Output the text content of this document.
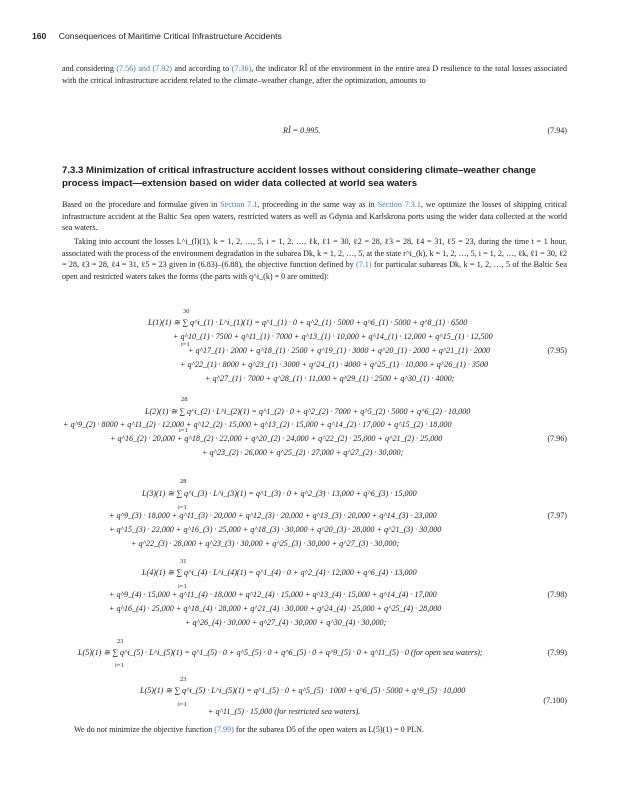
160 Consequences of Maritime Critical Infrastructure Accidents

and considering (7.56) and (7.92) and according to (7.36), the indicator RÎ of the environment in the entire area D resilience to the total losses associated with the critical infrastructure accident related to the climate–weather change, after the optimization, amounts to

RÎ = 0.995.	(7.94)

7.3.3 Minimization of critical infrastructure accident losses without considering climate–weather change process impact—extension based on wider data collected at world sea waters

Based on the procedure and formulae given in Section 7.1, proceeding in the same way as in Section 7.3.1, we optimize the losses of shipping critical infrastructure accident at the Baltic Sea open waters, restricted waters as well as Gdynia and Karlskrona ports using the wider data collected at the world sea waters.

Taking into account the losses L^i_(l)(1), k = 1, 2, …, 5, i = 1, 2, …, ℓk, ℓ1 = 30, ℓ2 = 28, ℓ3 = 28, ℓ4 = 31, ℓ5 = 23, during the time t = 1 hour, associated with the process of the environment degradation in the subarea Dk, k = 1, 2, …, 5, at the state r^i_(k), k = 1, 2, …, 5, i = 1, 2, …, ℓk, ℓ1 = 30, ℓ2 = 28, ℓ3 = 28, ℓ4 = 31, ℓ5 = 23 given in (6.83)–(6.88), the objective function defined by (7.1) for particular subareas Dk, k = 1, 2, …, 5 of the Baltic Sea open and restricted waters takes the forms (the parts with q^i_(k) = 0 are omitted):

30
i=1
L(1)(1) ≅ ∑ q^i_(1) · L^i_(1)(1) = q^1_(1) · 0 + q^2_(1) · 5000 + q^6_(1) · 5000 + q^8_(1) · 6500
+ q^10_(1) · 7500 + q^11_(1) · 7000 + q^13_(1) · 10,000 + q^14_(1) · 12,000 + q^15_(1) · 12,500
+ q^17_(1) · 2000 + q^18_(1) · 2500 + q^19_(1) · 3000 + q^20_(1) · 2000 + q^21_(1) · 2000
+ q^22_(1) · 8000 + q^23_(1) · 3000 + q^24_(1) · 4000 + q^25_(1) · 10,000 + q^26_(1) · 3500
+ q^27_(1) · 7000 + q^28_(1) · 11,000 + q^29_(1) · 2500 + q^30_(1) · 4000;
(7.95)
28
i=1
L(2)(1) ≅ ∑ q^i_(2) · L^i_(2)(1) = q^1_(2) · 0 + q^2_(2) · 7000 + q^5_(2) · 5000 + q^6_(2) · 10,000
+ q^9_(2) · 8000 + q^11_(2) · 12,000 + q^12_(2) · 15,000 + q^13_(2) · 15,000 + q^14_(2) · 17,000 + q^15_(2) · 18,000
+ q^16_(2) · 20,000 + q^18_(2) · 22,000 + q^20_(2) · 24,000 + q^22_(2) · 25,000 + q^21_(2) · 25,000
+ q^23_(2) · 26,000 + q^25_(2) · 27,000 + q^27_(2) · 30,000;
(7.96)
28
i=1
L(3)(1) ≅ ∑ q^i_(3) · L^i_(3)(1) = q^1_(3) · 0 + q^2_(3) · 13,000 + q^6_(3) · 15,000
+ q^9_(3) · 18,000 + q^11_(3) · 20,000 + q^12_(3) · 20,000 + q^13_(3) · 20,000 + q^14_(3) · 23,000
+ q^15_(3) · 22,000 + q^16_(3) · 25,000 + q^18_(3) · 30,000 + q^20_(3) · 28,000 + q^21_(3) · 30,000
+ q^22_(3) · 28,000 + q^23_(3) · 30,000 + q^25_(3) · 30,000 + q^27_(3) · 30,000;
(7.97)
31
i=1
L(4)(1) ≅ ∑ q^i_(4) · L^i_(4)(1) = q^1_(4) · 0 + q^2_(4) · 12,000 + q^6_(4) · 13,000
+ q^9_(4) · 15,000 + q^11_(4) · 18,000 + q^12_(4) · 15,000 + q^13_(4) · 15,000 + q^14_(4) · 17,000
+ q^16_(4) · 25,000 + q^18_(4) · 28,000 + q^21_(4) · 30,000 + q^24_(4) · 25,000 + q^25_(4) · 28,000
+ q^26_(4) · 30,000 + q^27_(4) · 30,000 + q^30_(4) · 30,000;
(7.98)
23
i=1
L(5)(1) ≅ ∑ q^i_(5) · L^i_(5)(1) = q^1_(5) · 0 + q^5_(5) · 0 + q^6_(5) · 0 + q^9_(5) · 0 + q^11_(5) · 0 (for open sea waters);	(7.99)
23
i=1
L(5)(1) ≅ ∑ q^i_(5) · L^i_(5)(1) = q^1_(5) · 0 + q^5_(5) · 1000 + q^6_(5) · 5000 + q^9_(5) · 10,000
+ q^11_(5) · 15,000 (for restricted sea waters).
(7.100)

We do not minimize the objective function (7.99) for the subarea D5 of the open waters as L(5)(1) = 0 PLN.
